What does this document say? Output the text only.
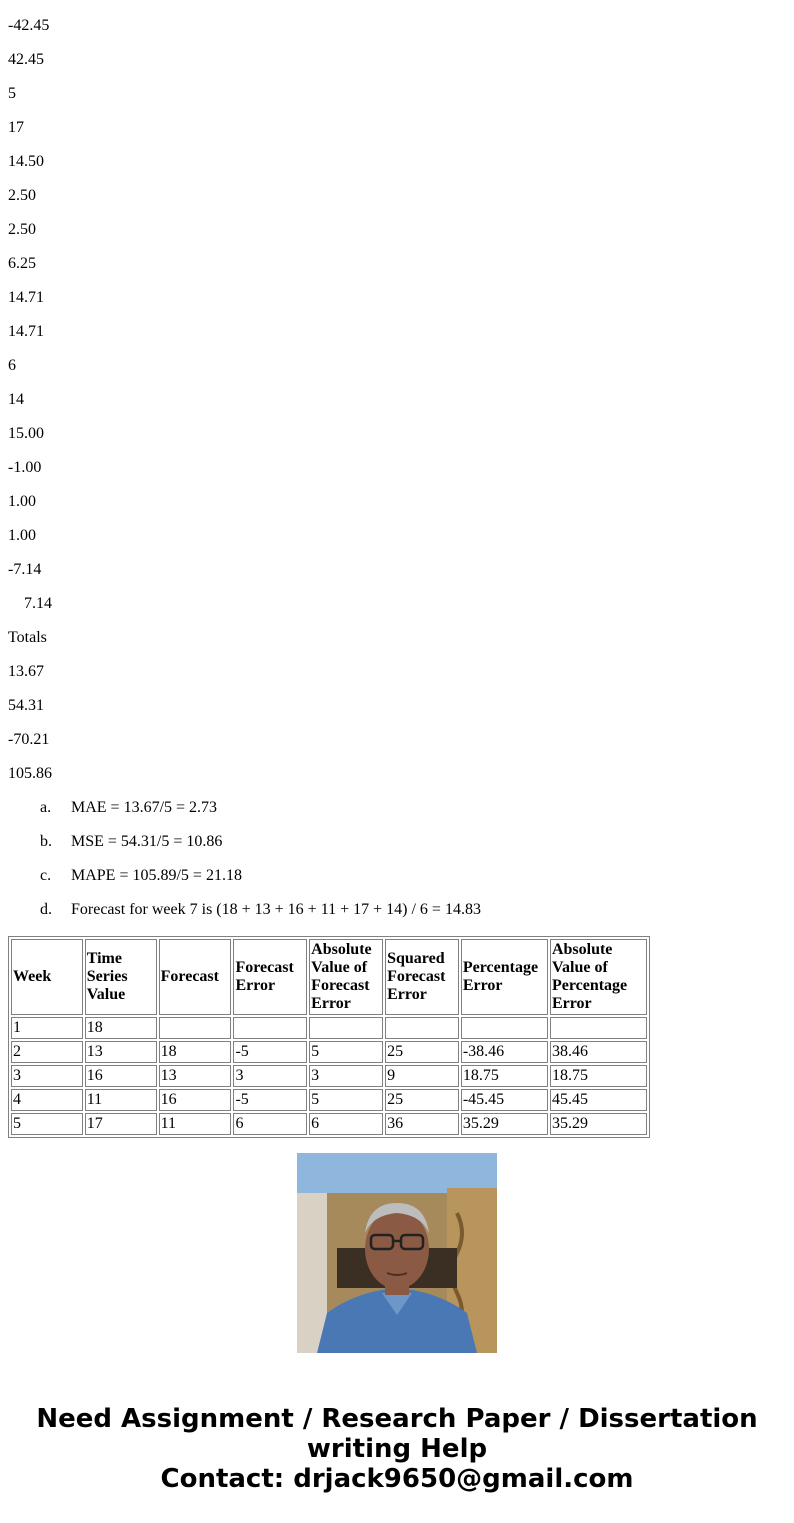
-42.45
42.45
5
17
14.50
2.50
2.50
6.25
14.71
14.71
6
14
15.00
-1.00
1.00
1.00
-7.14
7.14
Totals
13.67
54.31
-70.21
105.86
a. MAE = 13.67/5 = 2.73
b. MSE = 54.31/5 = 10.86
c. MAPE = 105.89/5 = 21.18
d. Forecast for week 7 is (18 + 13 + 16 + 11 + 17 + 14) / 6 = 14.83
Week	Time Series Value	Forecast	Forecast Error	Absolute Value of Forecast Error	Squared Forecast Error	Percentage Error	Absolute Value of Percentage Error
1	18						
2	13	18	-5	5	25	-38.46	38.46
3	16	13	3	3	9	18.75	18.75
4	11	16	-5	5	25	-45.45	45.45
5	17	11	6	6	36	35.29	35.29
Need Assignment / Research Paper / Dissertation
writing Help
Contact: drjack9650@gmail.com
